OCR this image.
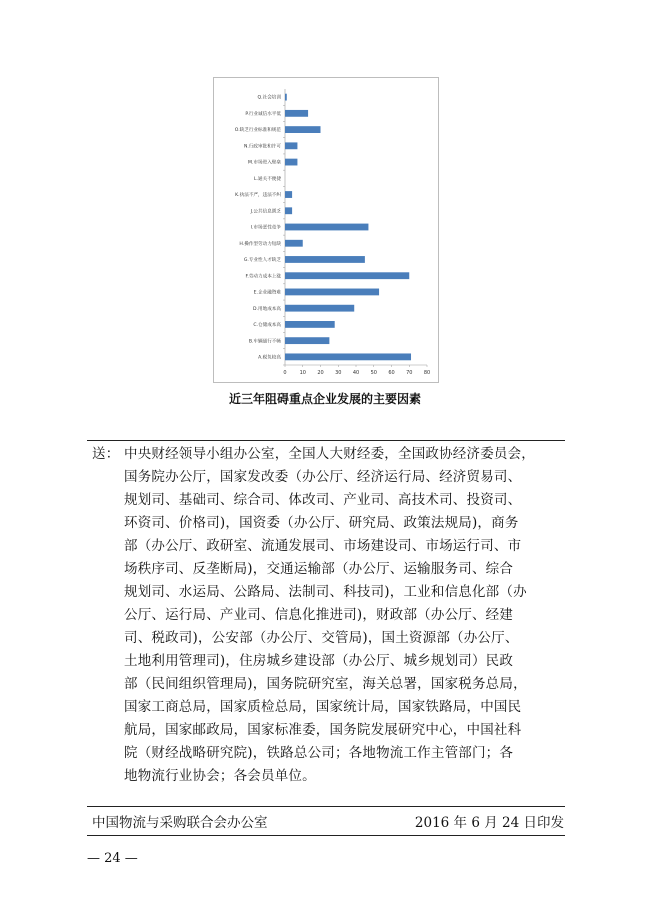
A.税负较高
B.车辆通行不畅
C.仓储成本高
D.用地成本高
E.企业融资难
F.劳动力成本上涨
G.专业性人才缺乏
H.操作型劳动力短缺
I.市场恶性竞争
J.公共信息匮乏
K.执法不严，违法不纠
L.通关不便捷
M.市场进入壁垒
N.行政审批和许可
O.缺乏行业标准和规范
P.行业诚信水平低
Q.社会培训
0	10 20 30 40 50 60 70 80
近三年阻碍重点企业发展的主要因素
送： 中央财经领导小组办公室，全国人大财经委，全国政协经济委员会，
国务院办公厅，国家发改委（办公厅、经济运行局、经济贸易司、
规划司、基础司、综合司、体改司、产业司、高技术司、投资司、
环资司、价格司)，国资委（办公厅、研究局、政策法规局)，商务
部（办公厅、政研室、流通发展司、市场建设司、市场运行司、市
场秩序司、反垄断局)，交通运输部（办公厅、运输服务司、综合
规划司、水运局、公路局、法制司、科技司)，工业和信息化部（办
公厅、运行局、产业司、信息化推进司)，财政部（办公厅、经建
司、税政司)，公安部（办公厅、交管局)，国土资源部（办公厅、
土地利用管理司)，住房城乡建设部（办公厅、城乡规划司）民政
部（民间组织管理局)，国务院研究室，海关总署，国家税务总局，
国家工商总局，国家质检总局，国家统计局，国家铁路局，中国民
航局，国家邮政局，国家标准委，国务院发展研究中心，中国社科
院（财经战略研究院)，铁路总公司；各地物流工作主管部门；各
地物流行业协会；各会员单位。
中国物流与采购联合会办公室	2016 年 6 月 24 日印发
— 24 —
